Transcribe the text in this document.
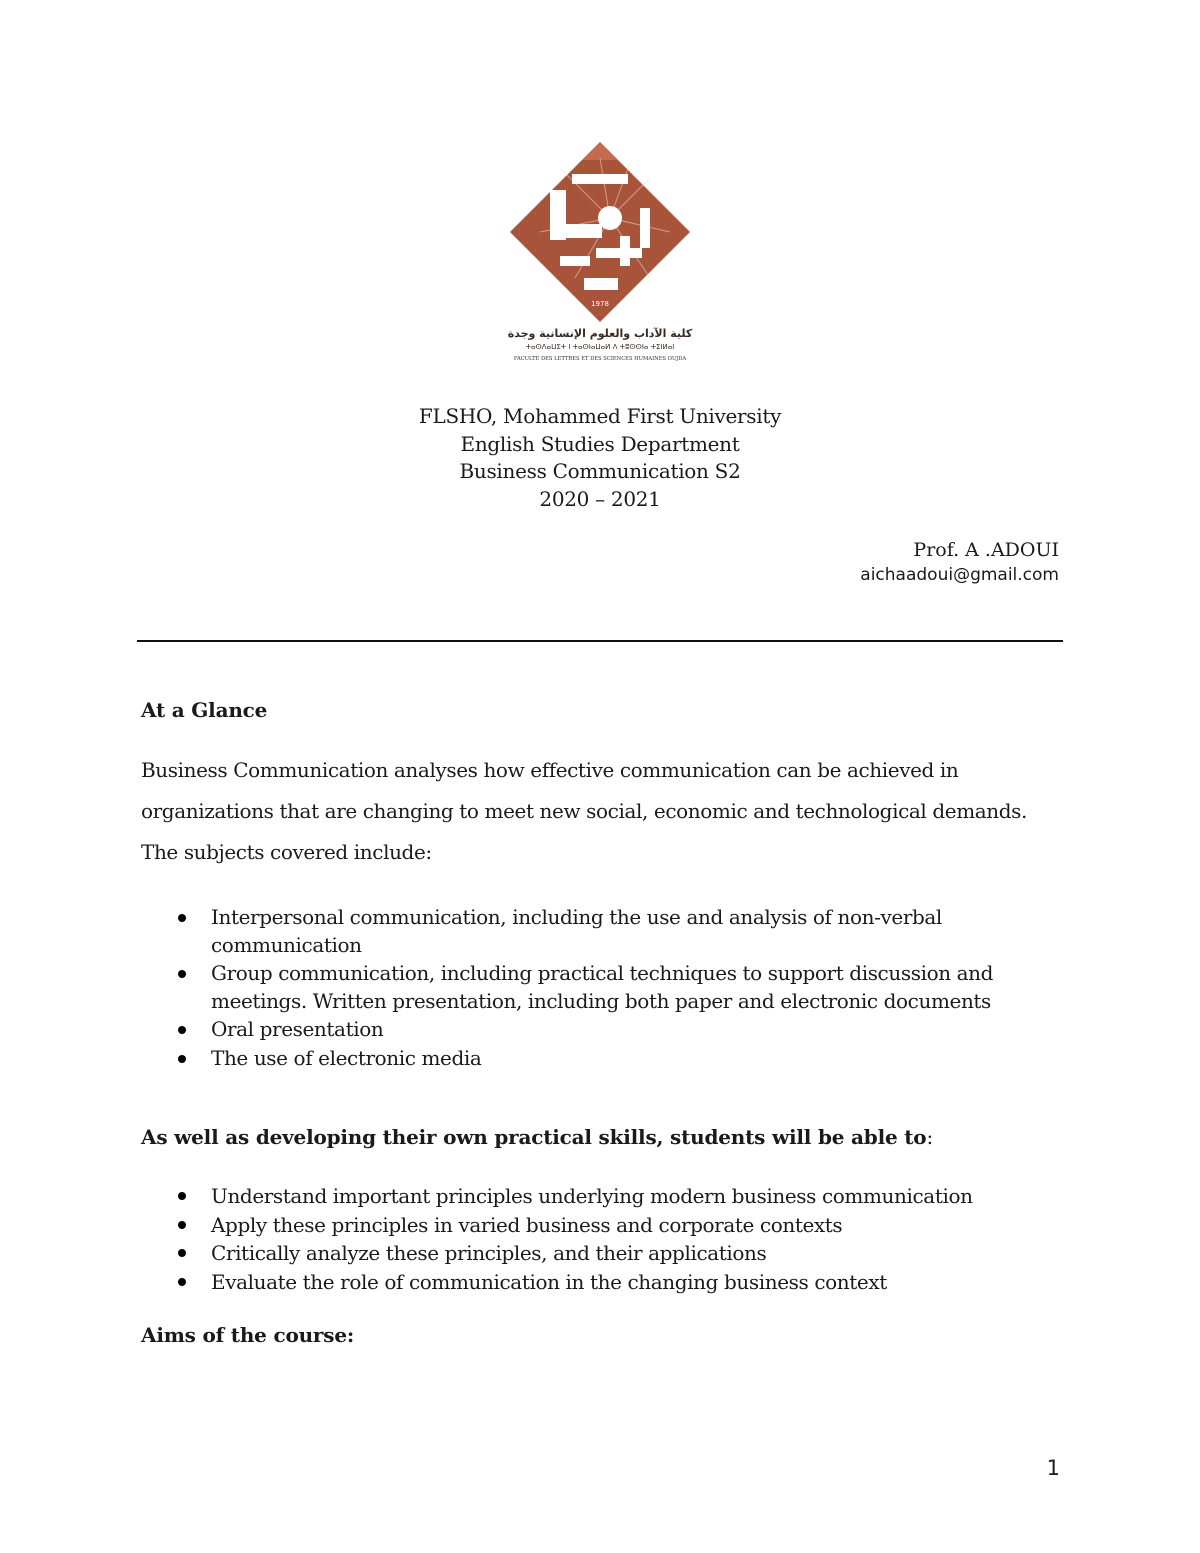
1978
كلية الآداب والعلوم الإنسانية وجدة
ⵜⴰⵙⴷⴰⵡⵉⵜ ⵏ ⵜⴰⵙⵏⴰⵡⴰⵍ ⴷ ⵜⵓⵙⵙⵏⴰ ⵜⵉⵏⵍⴰⵏ
FACULTÉ DES LETTRES ET DES SCIENCES HUMAINES OUJDA
FLSHO, Mohammed First University
English Studies Department
Business Communication S2
2020 – 2021
Prof. A .ADOUI
aichaadoui@gmail.com
At a Glance
Business Communication analyses how effective communication can be achieved in organizations that are changing to meet new social, economic and technological demands. The subjects covered include:
Interpersonal communication, including the use and analysis of non-verbal communication
Group communication, including practical techniques to support discussion and meetings. Written presentation, including both paper and electronic documents
Oral presentation
The use of electronic media
As well as developing their own practical skills, students will be able to:
Understand important principles underlying modern business communication
Apply these principles in varied business and corporate contexts
Critically analyze these principles, and their applications
Evaluate the role of communication in the changing business context
Aims of the course:
1
